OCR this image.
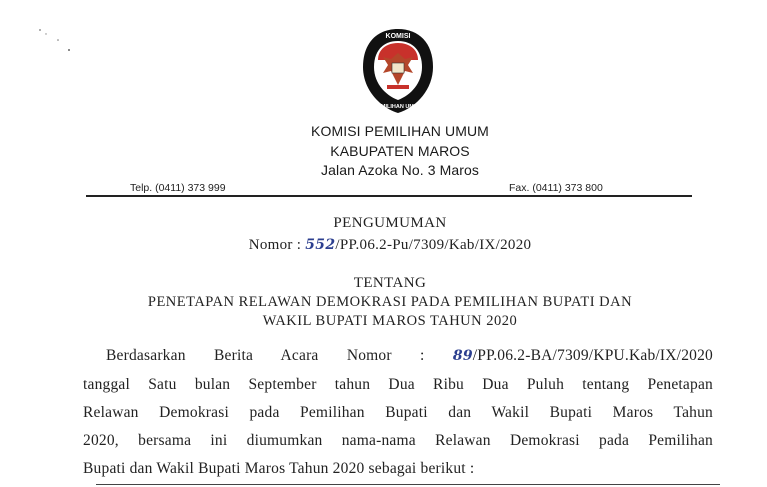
KOMISI
PEMILIHAN UMUM
KOMISI PEMILIHAN UMUM
KABUPATEN MAROS
Jalan Azoka No. 3 Maros
Telp. (0411) 373 999	Fax. (0411) 373 800
PENGUMUMAN
Nomor : 552/PP.06.2-Pu/7309/Kab/IX/2020
TENTANG
PENETAPAN RELAWAN DEMOKRASI PADA PEMILIHAN BUPATI DAN
WAKIL BUPATI MAROS TAHUN 2020
Berdasarkan Berita Acara Nomor : 89/PP.06.2-BA/7309/KPU.Kab/IX/2020
tanggal Satu bulan September tahun Dua Ribu Dua Puluh tentang Penetapan
Relawan Demokrasi pada Pemilihan Bupati dan Wakil Bupati Maros Tahun
2020, bersama ini diumumkan nama-nama Relawan Demokrasi pada Pemilihan
Bupati dan Wakil Bupati Maros Tahun 2020 sebagai berikut :
